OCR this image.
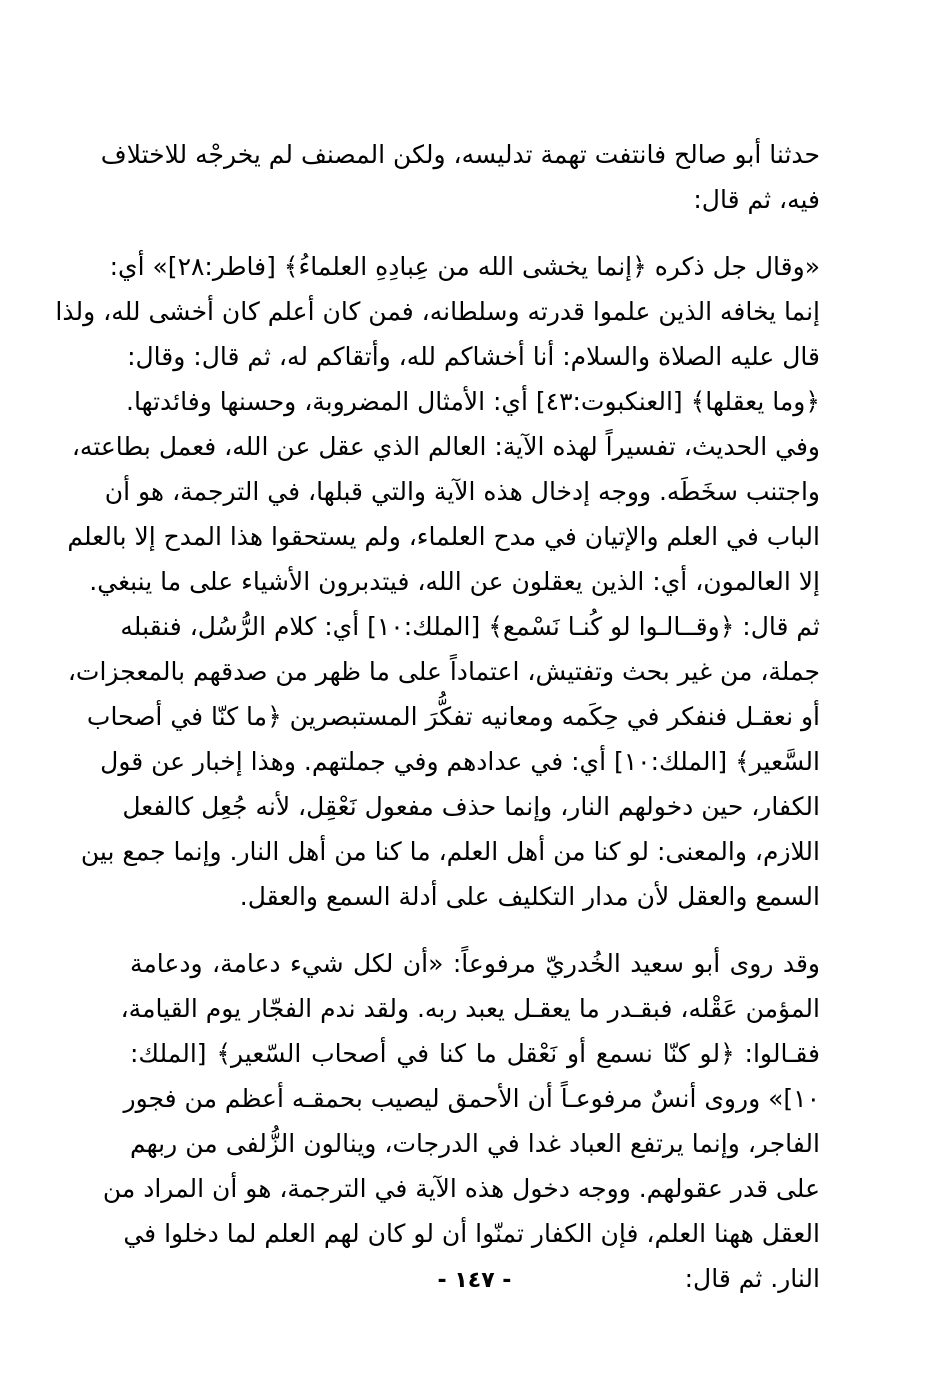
حدثنا أبو صالح فانتفت تهمة تدليسه، ولكن المصنف لم يخرجْه للاختلاف
فيه، ثم قال:

«وقال جل ذكره ﴿إنما يخشى الله من عِبادِهِ العلماءُ﴾ [فاطر:٢٨]» أي:
إنما يخافه الذين علموا قدرته وسلطانه، فمن كان أعلم كان أخشى لله، ولذا
قال عليه الصلاة والسلام: أنا أخشاكم لله، وأتقاكم له، ثم قال: وقال:
﴿وما يعقلها﴾ [العنكبوت:٤٣] أي: الأمثال المضروبة، وحسنها وفائدتها.
وفي الحديث، تفسيراً لهذه الآية: العالم الذي عقل عن الله، فعمل بطاعته،
واجتنب سخَطَه. ووجه إدخال هذه الآية والتي قبلها، في الترجمة، هو أن
الباب في العلم والإتيان في مدح العلماء، ولم يستحقوا هذا المدح إلا بالعلم
إلا العالمون، أي: الذين يعقلون عن الله، فيتدبرون الأشياء على ما ينبغي.
ثم قال: ﴿وقــالـوا لو كُنـا نَسْمع﴾ [الملك:١٠] أي: كلام الرُّسُل، فنقبله
جملة، من غير بحث وتفتيش، اعتماداً على ما ظهر من صدقهم بالمعجزات،
أو نعقـل فنفكر في حِكَمه ومعانيه تفكُّرَ المستبصرين ﴿ما كنّا في أصحاب
السَّعير﴾ [الملك:١٠] أي: في عدادهم وفي جملتهم. وهذا إخبار عن قول
الكفار، حين دخولهم النار، وإنما حذف مفعول نَعْقِل، لأنه جُعِل كالفعل
اللازم، والمعنى: لو كنا من أهل العلم، ما كنا من أهل النار. وإنما جمع بين
السمع والعقل لأن مدار التكليف على أدلة السمع والعقل.

وقد روى أبو سعيد الخُدريّ مرفوعاً: «أن لكل شيء دعامة، ودعامة
المؤمن عَقْله، فبقـدر ما يعقـل يعبد ربه. ولقد ندم الفجّار يوم القيامة،
فقـالوا: ﴿لو كنّا نسمع أو نَعْقل ما كنا في أصحاب السّعير﴾ [الملك:
١٠]» وروى أنسٌ مرفوعـاً أن الأحمق ليصيب بحمقـه أعظم من فجور
الفاجر، وإنما يرتفع العباد غدا في الدرجات، وينالون الزُّلفى من ربهم
على قدر عقولهم. ووجه دخول هذه الآية في الترجمة، هو أن المراد من
العقل ههنا العلم، فإن الكفار تمنّوا أن لو كان لهم العلم لما دخلوا في
النار. ثم قال:

- ١٤٧ -
